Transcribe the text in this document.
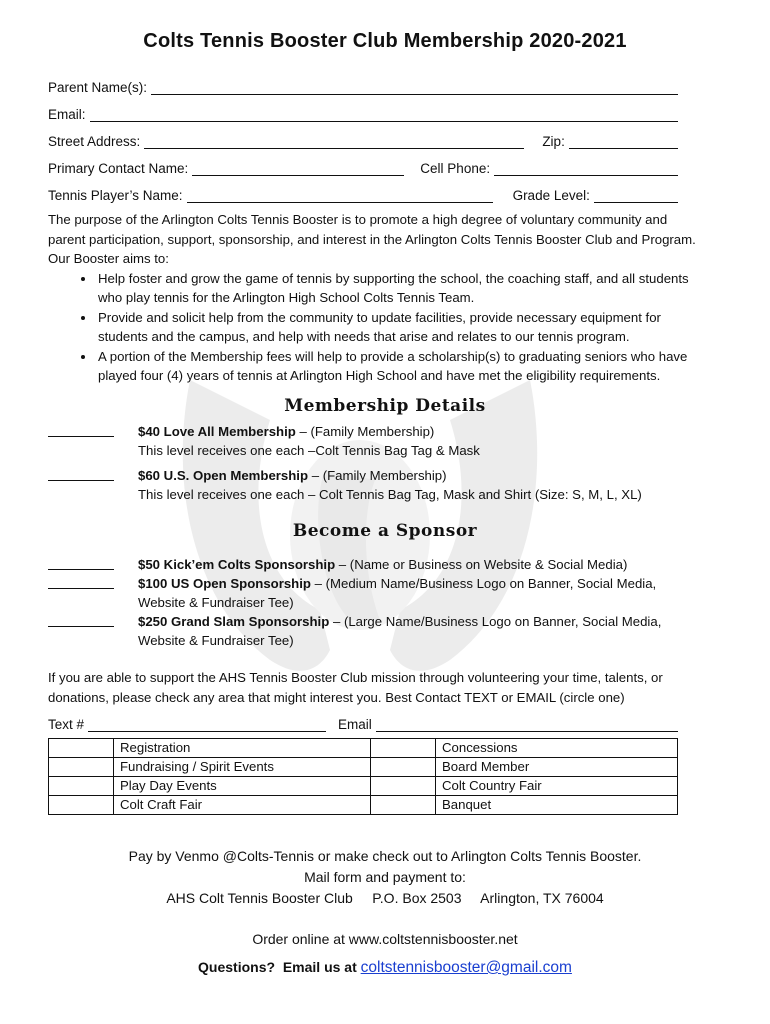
Colts Tennis Booster Club Membership 2020-2021
Parent Name(s):
Email:
Street Address:	Zip:
Primary Contact Name:	Cell Phone:
Tennis Player’s Name:	Grade Level:
The purpose of the Arlington Colts Tennis Booster is to promote a high degree of voluntary community and parent participation, support, sponsorship, and interest in the Arlington Colts Tennis Booster Club and Program. Our Booster aims to:
• Help foster and grow the game of tennis by supporting the school, the coaching staff, and all students who play tennis for the Arlington High School Colts Tennis Team.
• Provide and solicit help from the community to update facilities, provide necessary equipment for students and the campus, and help with needs that arise and relates to our tennis program.
• A portion of the Membership fees will help to provide a scholarship(s) to graduating seniors who have played four (4) years of tennis at Arlington High School and have met the eligibility requirements.
Membership Details
$40 Love All Membership – (Family Membership)
This level receives one each –Colt Tennis Bag Tag & Mask
$60 U.S. Open Membership – (Family Membership)
This level receives one each – Colt Tennis Bag Tag, Mask and Shirt (Size: S, M, L, XL)
Become a Sponsor
$50 Kick’em Colts Sponsorship – (Name or Business on Website & Social Media)
$100 US Open Sponsorship – (Medium Name/Business Logo on Banner, Social Media, Website & Fundraiser Tee)
$250 Grand Slam Sponsorship – (Large Name/Business Logo on Banner, Social Media, Website & Fundraiser Tee)
If you are able to support the AHS Tennis Booster Club mission through volunteering your time, talents, or donations, please check any area that might interest you. Best Contact TEXT or EMAIL (circle one)
Text #	Email
	Registration		Concessions
	Fundraising / Spirit Events		Board Member
	Play Day Events		Colt Country Fair
	Colt Craft Fair		Banquet
Pay by Venmo @Colts-Tennis or make check out to Arlington Colts Tennis Booster.
Mail form and payment to:
AHS Colt Tennis Booster Club     P.O. Box 2503     Arlington, TX 76004
Order online at www.coltstennisbooster.net
Questions?  Email us at coltstennisbooster@gmail.com
